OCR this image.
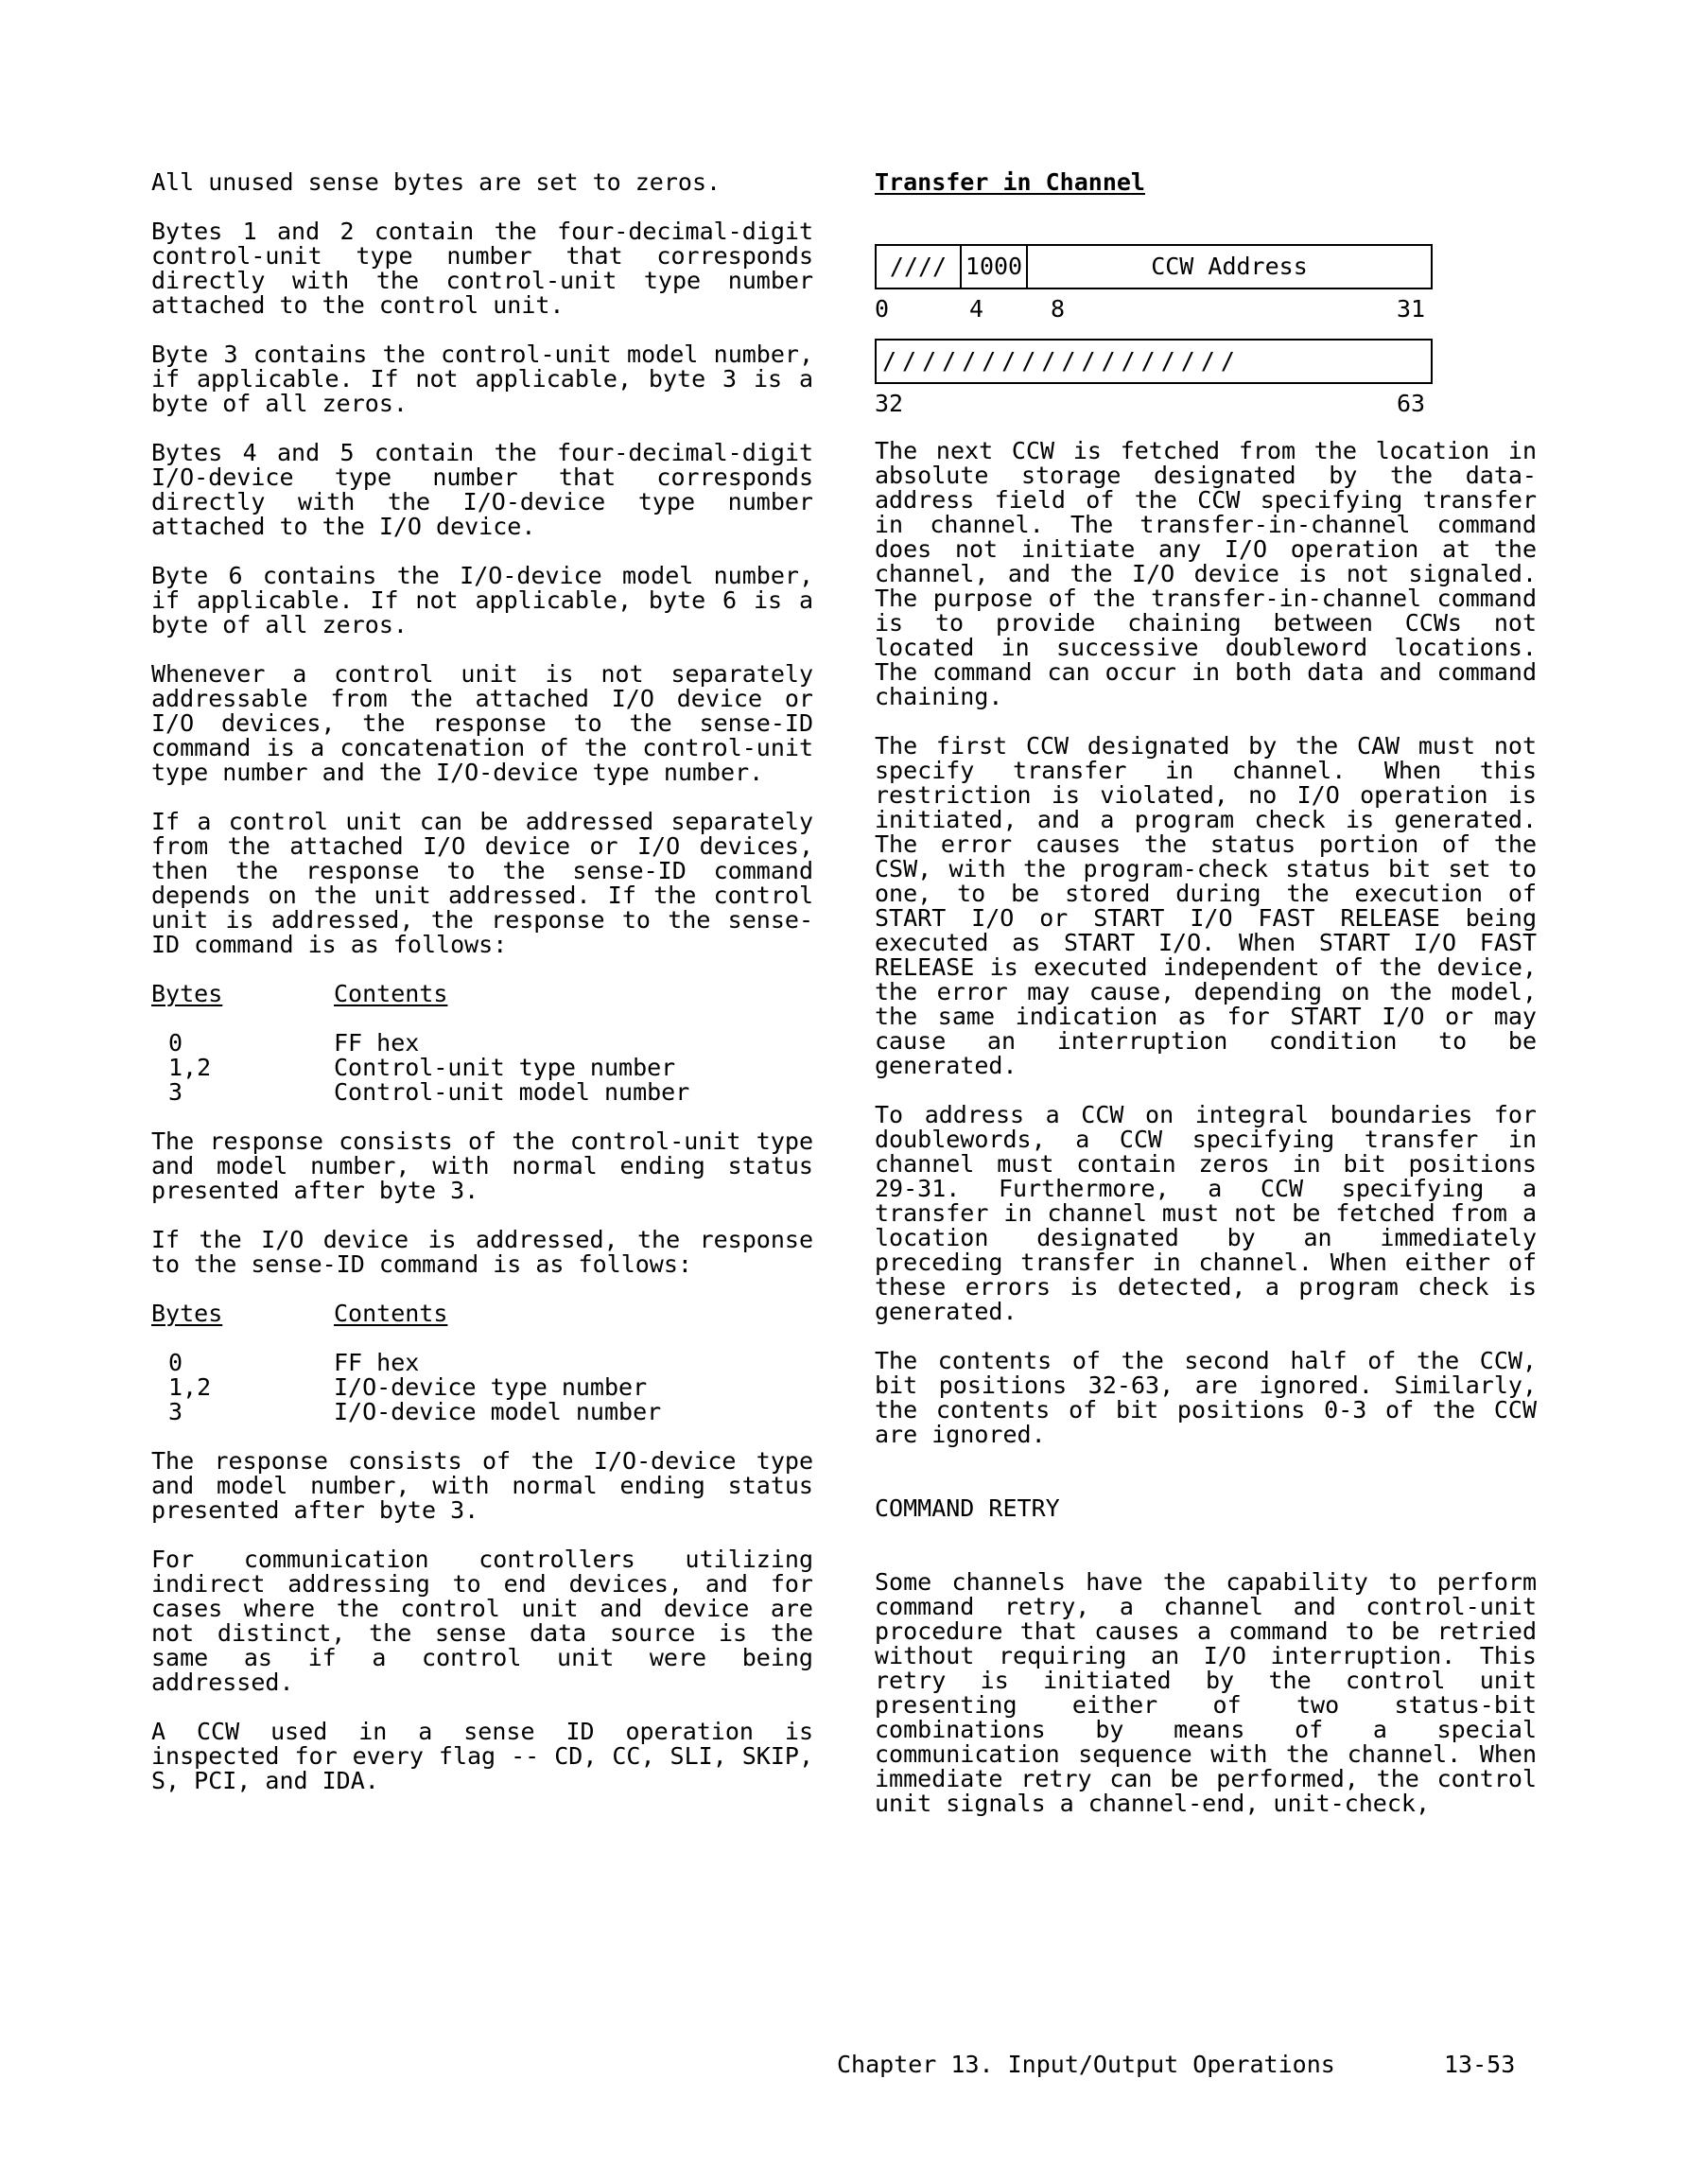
All unused sense bytes are set to zeros.

Bytes 1 and 2 contain the four-decimal-digit control-unit type number that corresponds directly with the control-unit type number attached to the control unit.

Byte 3 contains the control-unit model number, if applicable. If not applicable, byte 3 is a byte of all zeros.

Bytes 4 and 5 contain the four-decimal-digit I/O-device type number that corresponds directly with the I/O-device type number attached to the I/O device.

Byte 6 contains the I/O-device model number, if applicable. If not applicable, byte 6 is a byte of all zeros.

Whenever a control unit is not separately addressable from the attached I/O device or I/O devices, the response to the sense-ID command is a concatenation of the control-unit type number and the I/O-device type number.

If a control unit can be addressed separately from the attached I/O device or I/O devices, then the response to the sense-ID command depends on the unit addressed. If the control unit is addressed, the response to the sense-ID command is as follows:

Bytes	Contents
0	FF hex
1,2	Control-unit type number
3	Control-unit model number

The response consists of the control-unit type and model number, with normal ending status presented after byte 3.

If the I/O device is addressed, the response to the sense-ID command is as follows:

Bytes	Contents
0	FF hex
1,2	I/O-device type number
3	I/O-device model number

The response consists of the I/O-device type and model number, with normal ending status presented after byte 3.

For communication controllers utilizing indirect addressing to end devices, and for cases where the control unit and device are not distinct, the sense data source is the same as if a control unit were being addressed.

A CCW used in a sense ID operation is inspected for every flag -- CD, CC, SLI, SKIP, S, PCI, and IDA.

Transfer in Channel
//// 1000	CCW Address
0	4	8	31
//////////////////
32	63

The next CCW is fetched from the location in absolute storage designated by the data-address field of the CCW specifying transfer in channel. The transfer-in-channel command does not initiate any I/O operation at the channel, and the I/O device is not signaled. The purpose of the transfer-in-channel command is to provide chaining between CCWs not located in successive doubleword locations. The command can occur in both data and command chaining.

The first CCW designated by the CAW must not specify transfer in channel. When this restriction is violated, no I/O operation is initiated, and a program check is generated. The error causes the status portion of the CSW, with the program-check status bit set to one, to be stored during the execution of START I/O or START I/O FAST RELEASE being executed as START I/O. When START I/O FAST RELEASE is executed independent of the device, the error may cause, depending on the model, the same indication as for START I/O or may cause an interruption condition to be generated.

To address a CCW on integral boundaries for doublewords, a CCW specifying transfer in channel must contain zeros in bit positions 29-31. Furthermore, a CCW specifying a transfer in channel must not be fetched from a location designated by an immediately preceding transfer in channel. When either of these errors is detected, a program check is generated.

The contents of the second half of the CCW, bit positions 32-63, are ignored. Similarly, the contents of bit positions 0-3 of the CCW are ignored.

COMMAND RETRY

Some channels have the capability to perform command retry, a channel and control-unit procedure that causes a command to be retried without requiring an I/O interruption. This retry is initiated by the control unit presenting either of two status-bit combinations by means of a special communication sequence with the channel. When immediate retry can be performed, the control unit signals a channel-end, unit-check,

Chapter 13. Input/Output Operations	13-53
